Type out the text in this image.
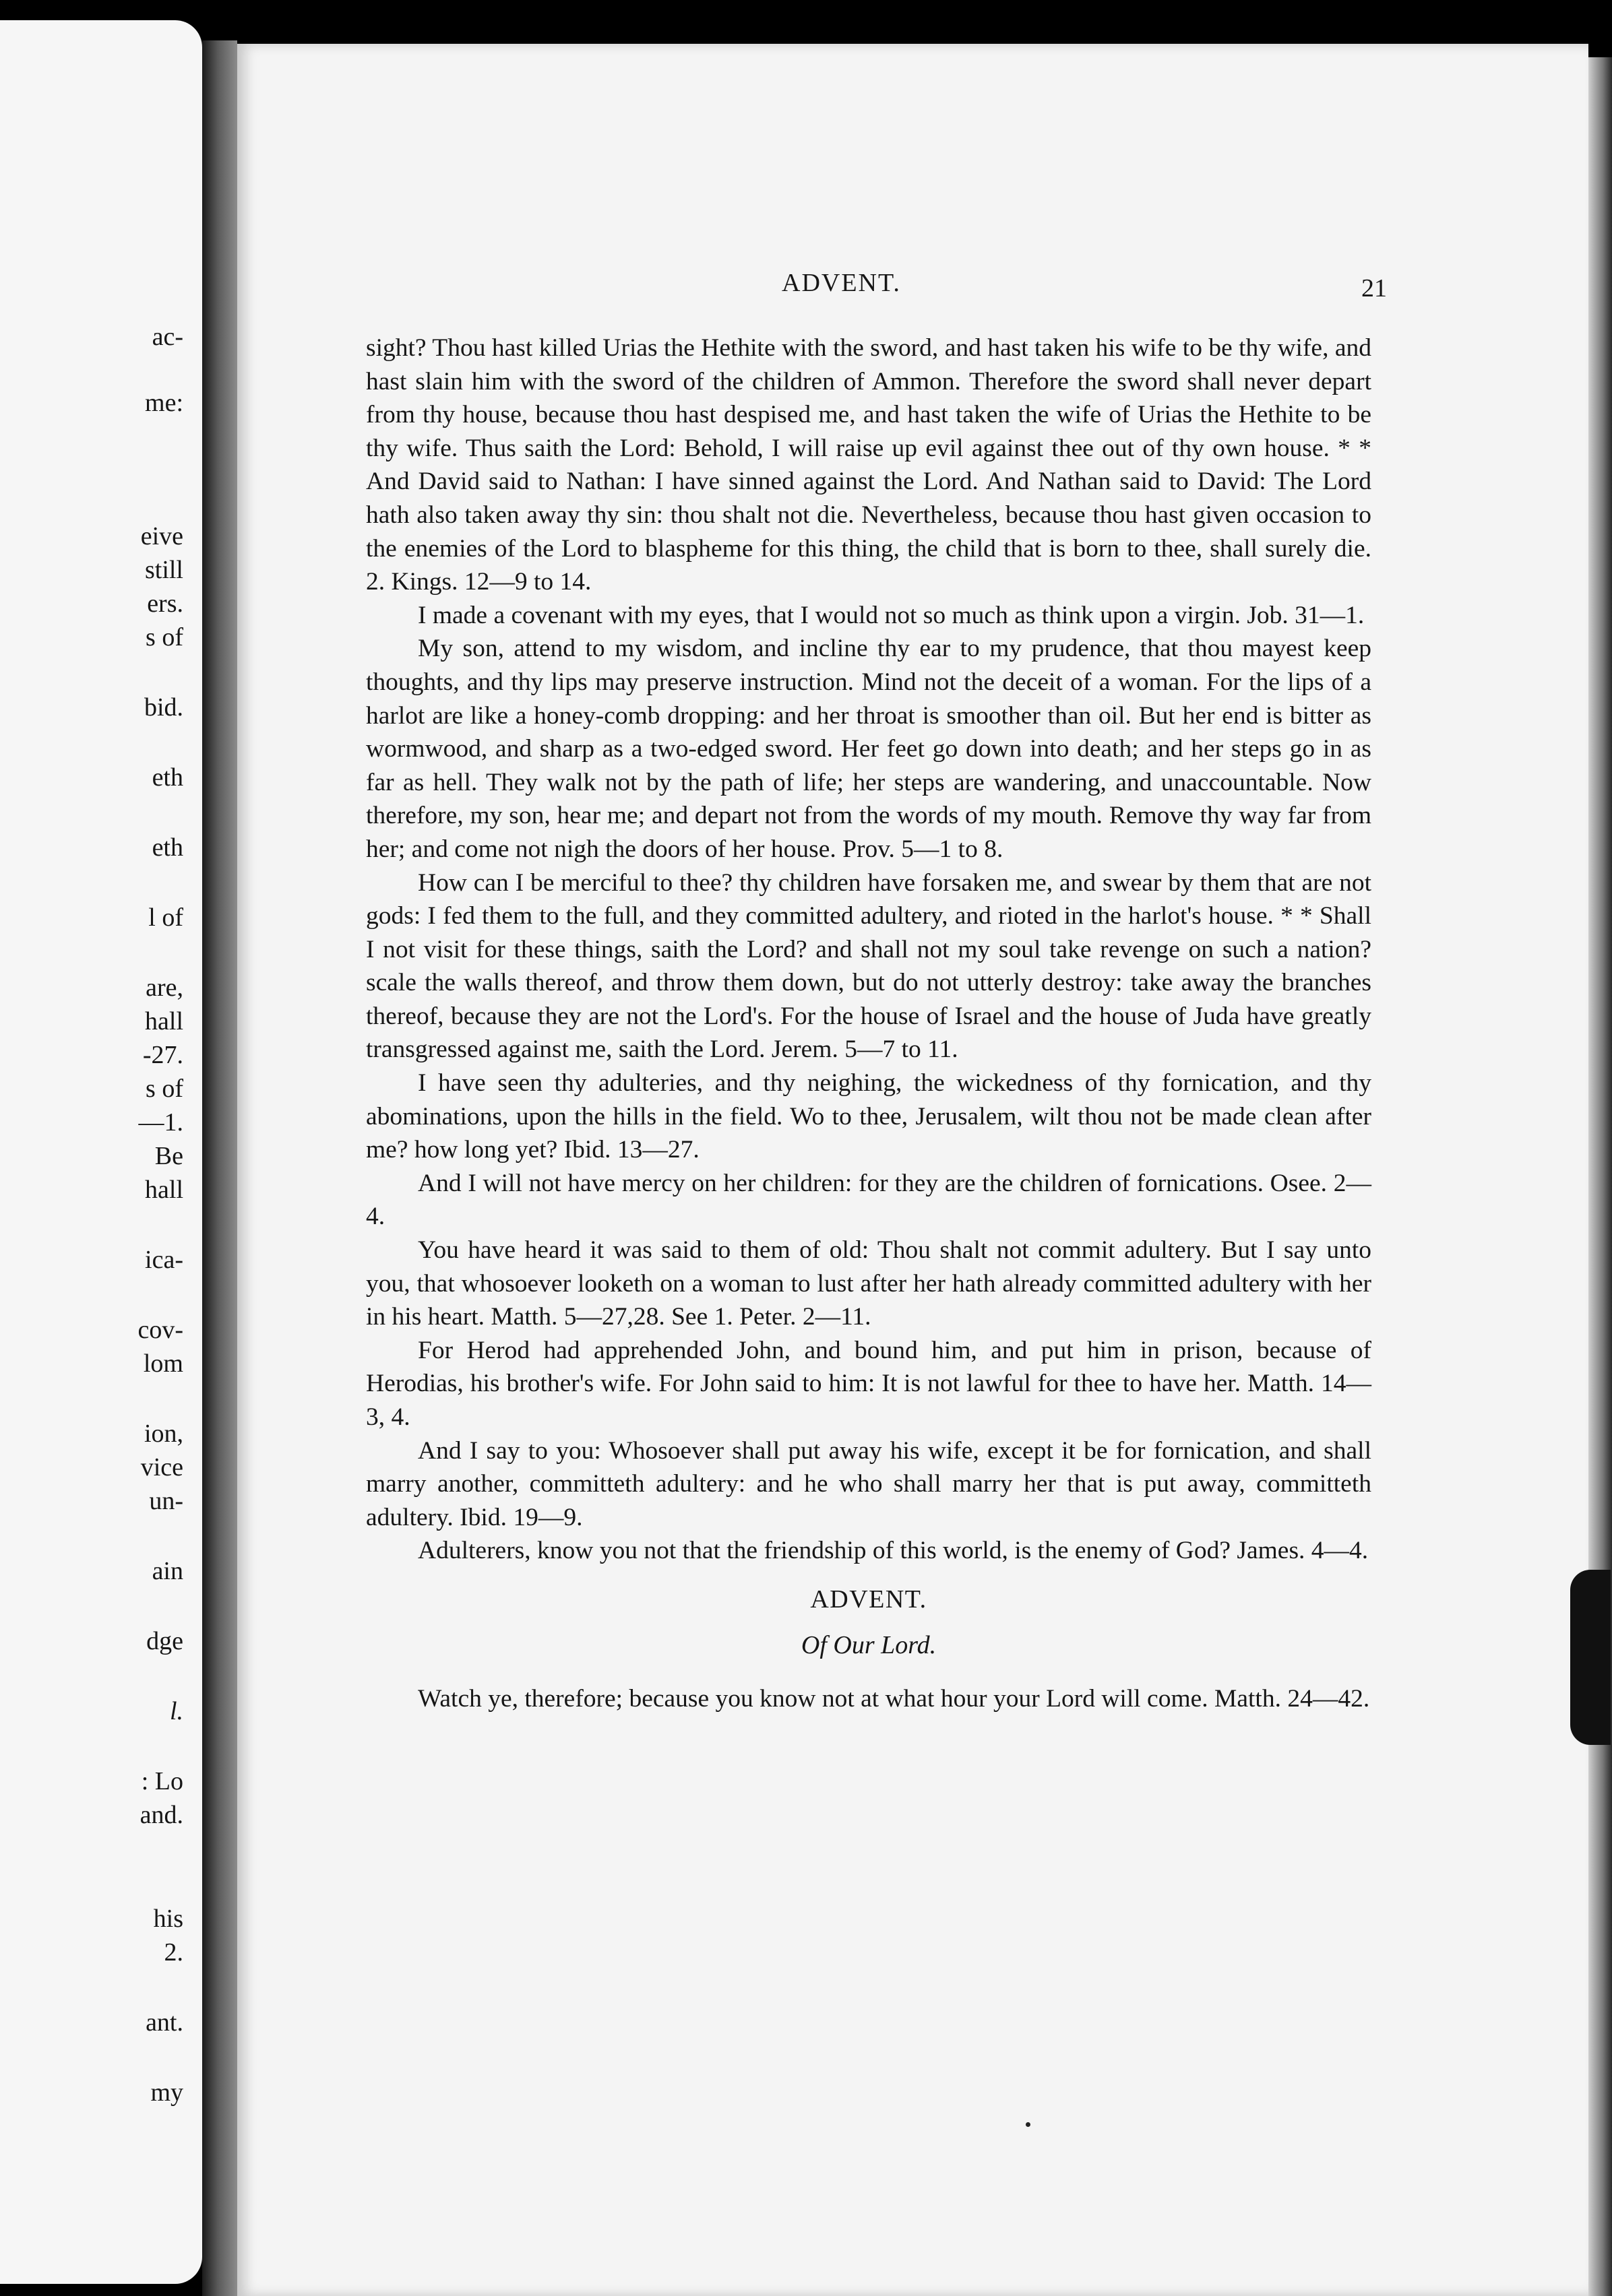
ac-
me:
eive
still
ers.
s of
bid.
eth
eth
l of
are,
hall
-27.
s of
—1.
Be
hall
ica-
cov-
lom
ion,
vice
un-
ain
dge
l.
: Lo
and.
his
2.
ant.
my
ADVENT.	21

sight? Thou hast killed Urias the Hethite with the sword, and hast taken his wife to be thy wife, and hast slain him with the sword of the children of Ammon. Therefore the sword shall never depart from thy house, because thou hast despised me, and hast taken the wife of Urias the Hethite to be thy wife. Thus saith the Lord: Behold, I will raise up evil against thee out of thy own house. * * And David said to Nathan: I have sinned against the Lord. And Nathan said to David: The Lord hath also taken away thy sin: thou shalt not die. Nevertheless, because thou hast given occasion to the enemies of the Lord to blaspheme for this thing, the child that is born to thee, shall surely die. 2. Kings. 12—9 to 14.

I made a covenant with my eyes, that I would not so much as think upon a virgin. Job. 31—1.

My son, attend to my wisdom, and incline thy ear to my prudence, that thou mayest keep thoughts, and thy lips may preserve instruction. Mind not the deceit of a woman. For the lips of a harlot are like a honey-comb dropping: and her throat is smoother than oil. But her end is bitter as wormwood, and sharp as a two-edged sword. Her feet go down into death; and her steps go in as far as hell. They walk not by the path of life; her steps are wandering, and unaccountable. Now therefore, my son, hear me; and depart not from the words of my mouth. Remove thy way far from her; and come not nigh the doors of her house. Prov. 5—1 to 8.

How can I be merciful to thee? thy children have forsaken me, and swear by them that are not gods: I fed them to the full, and they committed adultery, and rioted in the harlot's house. * * Shall I not visit for these things, saith the Lord? and shall not my soul take revenge on such a nation? scale the walls thereof, and throw them down, but do not utterly destroy: take away the branches thereof, because they are not the Lord's. For the house of Israel and the house of Juda have greatly transgressed against me, saith the Lord. Jerem. 5—7 to 11.

I have seen thy adulteries, and thy neighing, the wickedness of thy fornication, and thy abominations, upon the hills in the field. Wo to thee, Jerusalem, wilt thou not be made clean after me? how long yet? Ibid. 13—27.

And I will not have mercy on her children: for they are the children of fornications. Osee. 2—4.

You have heard it was said to them of old: Thou shalt not commit adultery. But I say unto you, that whosoever looketh on a woman to lust after her hath already committed adultery with her in his heart. Matth. 5—27,28. See 1. Peter. 2—11.

For Herod had apprehended John, and bound him, and put him in prison, because of Herodias, his brother's wife. For John said to him: It is not lawful for thee to have her. Matth. 14—3, 4.

And I say to you: Whosoever shall put away his wife, except it be for fornication, and shall marry another, committeth adultery: and he who shall marry her that is put away, committeth adultery. Ibid. 19—9.

Adulterers, know you not that the friendship of this world, is the enemy of God? James. 4—4.

ADVENT.
Of Our Lord.

Watch ye, therefore; because you know not at what hour your Lord will come. Matth. 24—42.
